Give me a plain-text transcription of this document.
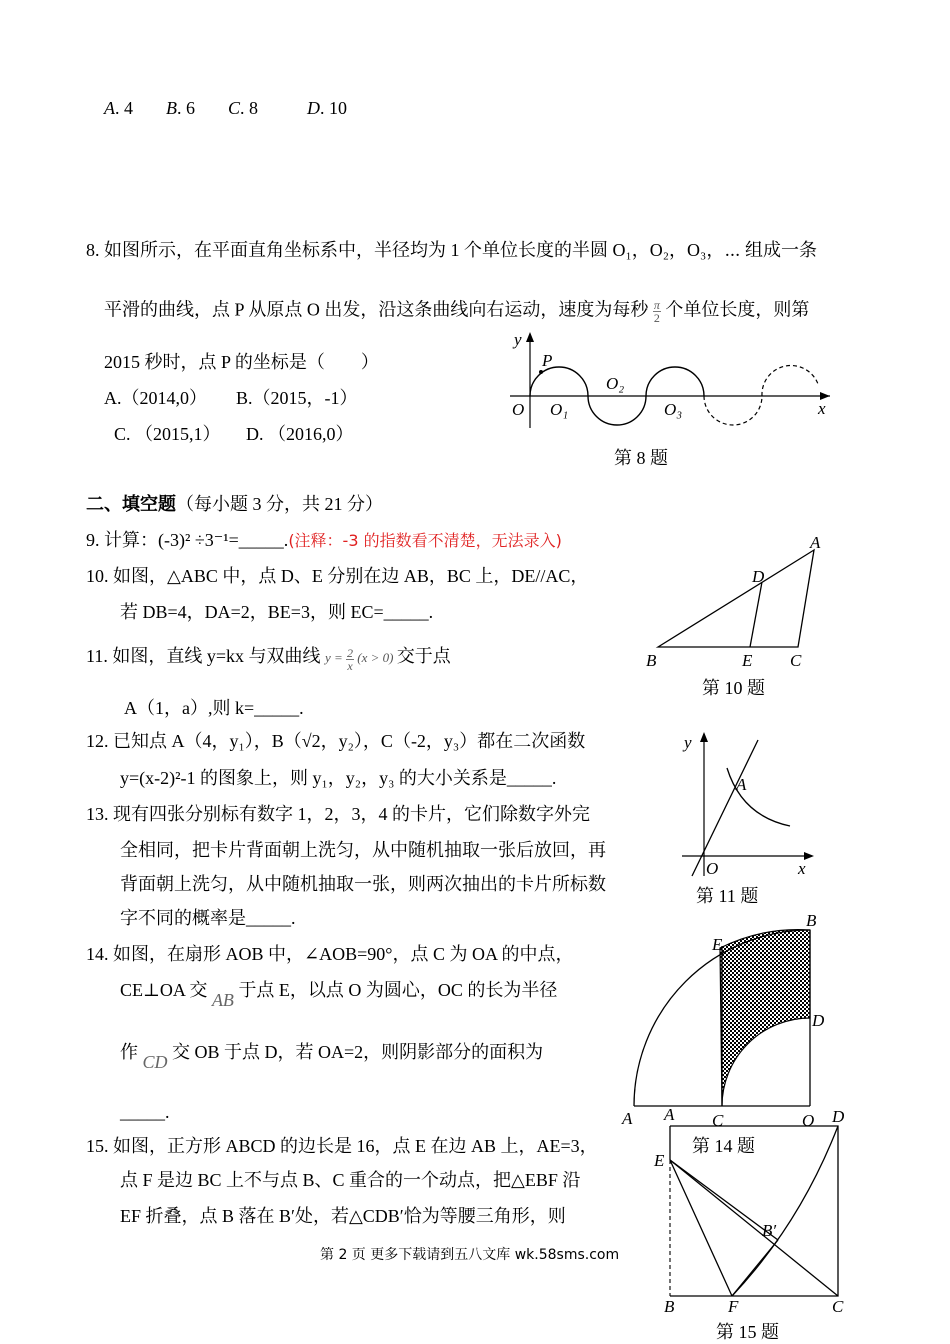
A. 4 B. 6 C. 8	D. 10
8. 如图所示，在平面直角坐标系中，半径均为 1 个单位长度的半圆 O₁，O₂，O₃，⋯ 组成一条
平滑的曲线，点 P 从原点 O 出发，沿这条曲线向右运动，速度为每秒 $\frac{\pi}{2}$ 个单位长度，则第
2015 秒时，点 P 的坐标是（　　）
A.（2014,0） B.（2015，-1）
C. （2015,1） D. （2016,0）
y
P
O O₁
O₂
O₃	x
第 8 题
二、填空题（每小题 3 分，共 21 分）
9. 计算：(-3)² ÷3⁻¹=_____.(注释：-3 的指数看不清楚，无法录入)
10. 如图，△ABC 中，点 D、E 分别在边 AB，BC 上，DE//AC，
若 DB=4，DA=2，BE=3，则 EC=_____.
A
D
B	E C
第 10 题
11. 如图，直线 y=kx 与双曲线 $y = \frac{2}{x} (x > 0)$ 交于点
A（1，a）,则 k=_____.
y
A
O	x
第 11 题
12. 已知点 A（4，y₁），B（√2，y₂），C（-2，y₃）都在二次函数
y=(x-2)²-1 的图象上，则 y₁，y₂，y₃ 的大小关系是_____.
13. 现有四张分别标有数字 1，2，3，4 的卡片，它们除数字外完
全相同，把卡片背面朝上洗匀，从中随机抽取一张后放回，再
背面朝上洗匀，从中随机抽取一张，则两次抽出的卡片所标数
字不同的概率是_____.
14. 如图，在扇形 AOB 中，∠AOB=90°，点 C 为 OA 的中点，
CE⊥OA 交 AB 于点 E，以点 O 为圆心，OC 的长为半径
作 CD 交 OB 于点 D，若 OA=2，则阴影部分的面积为
_____.
B
E
D
A	C	O
15. 如图，正方形 ABCD 的边长是 16，点 E 在边 AB 上，AE=3，
点 F 是边 BC 上不与点 B、C 重合的一个动点，把△EBF 沿
EF 折叠，点 B 落在 B′处，若△CDB′恰为等腰三角形，则
A	D
E
B′
B	F	C
第 14 题
第 15 题
第 2 页 更多下载请到五八文库 wk.58sms.com
